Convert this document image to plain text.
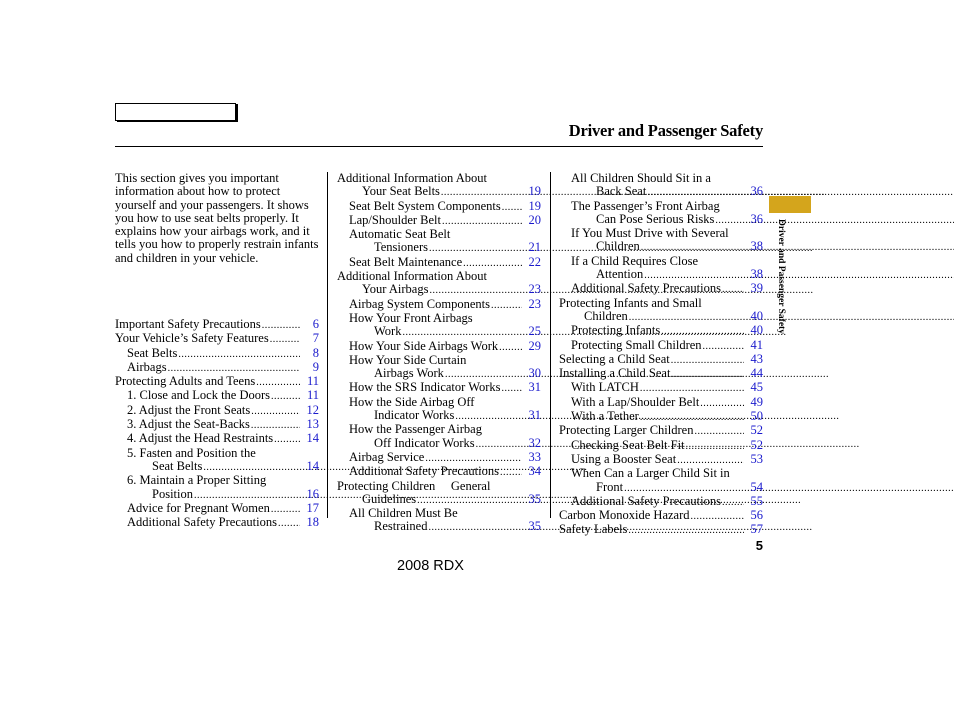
Driver and Passenger Safety
Driver and Passenger Safety

This section gives you important information about how to protect yourself and your passengers. It shows you how to use seat belts properly. It explains how your airbags work, and it tells you how to properly restrain infants and children in your vehicle.

Important Safety Precautions .....	6
Your Vehicle’s Safety Features .....	7
Seat Belts .....	8
Airbags .....	9
Protecting Adults and Teens .....	11
1. Close and Lock the Doors .....	11
2. Adjust the Front Seats .....	12
3. Adjust the Seat-Backs .....	13
4. Adjust the Head Restraints .....	14
5. Fasten and Position the
Seat Belts .....	14
6. Maintain a Proper Sitting
Position .....	16
Advice for Pregnant Women .....	17
Additional Safety Precautions ..... 18
Additional Information About
Your Seat Belts .....	19
Seat Belt System Components ..... 19
Lap/Shoulder Belt .....	20
Automatic Seat Belt
Tensioners .....	21
Seat Belt Maintenance .....	22
Additional Information About
Your Airbags .....	23
Airbag System Components .....	23
How Your Front Airbags
Work .....	25
How Your Side Airbags Work ..... 29
How Your Side Curtain
Airbags Work .....	30
How the SRS Indicator Works ..... 31
How the Side Airbag Off
Indicator Works .....	31
How the Passenger Airbag
Off Indicator Works .....	32
Airbag Service .....	33
Additional Safety Precautions ..... 34
Protecting Children     General
Guidelines .....	35
All Children Must Be
Restrained .....	35
All Children Should Sit in a
Back Seat .....	36
The Passenger’s Front Airbag
Can Pose Serious Risks .....	36
If You Must Drive with Several
Children .....	38
If a Child Requires Close
Attention .....	38
Additional Safety Precautions ..... 39
Protecting Infants and Small
Children .....	40
Protecting Infants .....	40
Protecting Small Children .....	41
Selecting a Child Seat .....	43
Installing a Child Seat .....	44
With LATCH .....	45
With a Lap/Shoulder Belt .....	49
With a Tether .....	50
Protecting Larger Children .....	52
Checking Seat Belt Fit .....	52
Using a Booster Seat .....	53
When Can a Larger Child Sit in
Front .....	54
Additional Safety Precautions ..... 55
Carbon Monoxide Hazard .....	56
Safety Labels .....	57
5
2008 RDX
